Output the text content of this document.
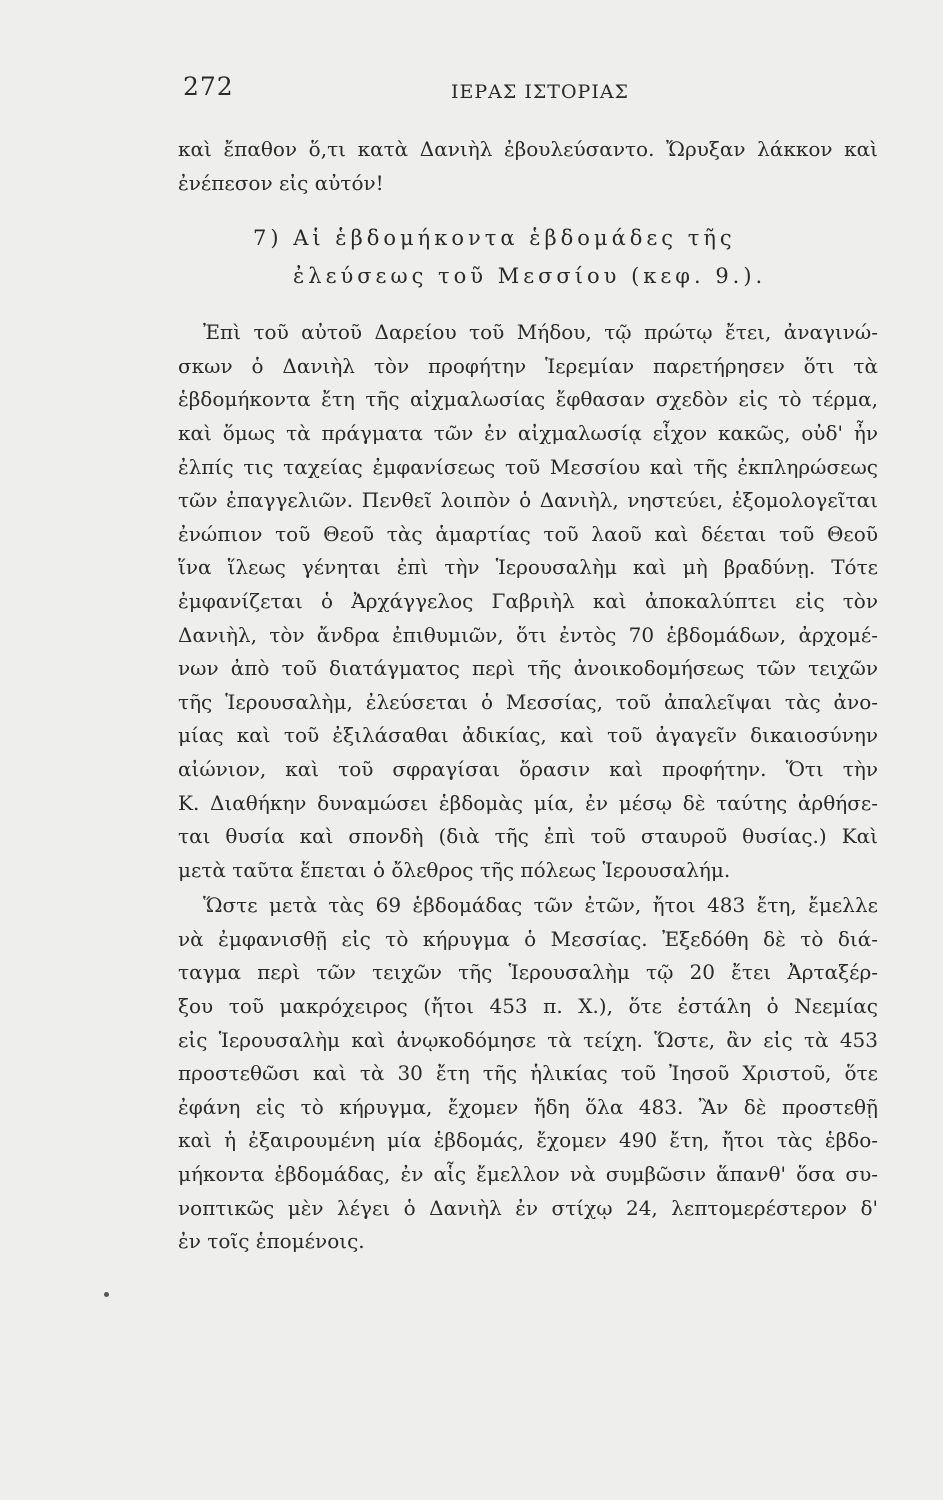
272	ΙΕΡΑΣ ΙΣΤΟΡΙΑΣ
καὶ ἔπαθον ὅ,τι κατὰ Δανιὴλ ἐβουλεύσαντο. Ὤρυξαν λάκκον καὶ
ἐνέπεσον εἰς αὐτόν!
7) Αἱ ἑβδομήκοντα ἑβδομάδες τῆς
ἐλεύσεως τοῦ Μεσσίου (κεφ. 9.).
Ἐπὶ τοῦ αὐτοῦ Δαρείου τοῦ Μήδου, τῷ πρώτῳ ἔτει, ἀναγινώ-
σκων ὁ Δανιὴλ τὸν προφήτην Ἱερεμίαν παρετήρησεν ὅτι τὰ
ἑβδομήκοντα ἔτη τῆς αἰχμαλωσίας ἔφθασαν σχεδὸν εἰς τὸ τέρμα,
καὶ ὅμως τὰ πράγματα τῶν ἐν αἰχμαλωσίᾳ εἶχον κακῶς, οὐδ' ἦν
ἐλπίς τις ταχείας ἐμφανίσεως τοῦ Μεσσίου καὶ τῆς ἐκπληρώσεως
τῶν ἐπαγγελιῶν. Πενθεῖ λοιπὸν ὁ Δανιὴλ, νηστεύει, ἐξομολογεῖται
ἐνώπιον τοῦ Θεοῦ τὰς ἁμαρτίας τοῦ λαοῦ καὶ δέεται τοῦ Θεοῦ
ἵνα ἵλεως γένηται ἐπὶ τὴν Ἱερουσαλὴμ καὶ μὴ βραδύνῃ. Τότε
ἐμφανίζεται ὁ Ἀρχάγγελος Γαβριὴλ καὶ ἀποκαλύπτει εἰς τὸν
Δανιὴλ, τὸν ἄνδρα ἐπιθυμιῶν, ὅτι ἐντὸς 70 ἑβδομάδων, ἀρχομέ-
νων ἀπὸ τοῦ διατάγματος περὶ τῆς ἀνοικοδομήσεως τῶν τειχῶν
τῆς Ἱερουσαλὴμ, ἐλεύσεται ὁ Μεσσίας, τοῦ ἀπαλεῖψαι τὰς ἀνο-
μίας καὶ τοῦ ἐξιλάσαθαι ἀδικίας, καὶ τοῦ ἀγαγεῖν δικαιοσύνην
αἰώνιον, καὶ τοῦ σφραγίσαι ὅρασιν καὶ προφήτην. Ὅτι τὴν
Κ. Διαθήκην δυναμώσει ἑβδομὰς μία, ἐν μέσῳ δὲ ταύτης ἀρθήσε-
ται θυσία καὶ σπονδὴ (διὰ τῆς ἐπὶ τοῦ σταυροῦ θυσίας.) Καὶ
μετὰ ταῦτα ἕπεται ὁ ὄλεθρος τῆς πόλεως Ἱερουσαλήμ.
Ὥστε μετὰ τὰς 69 ἑβδομάδας τῶν ἐτῶν, ἤτοι 483 ἔτη, ἔμελλε
νὰ ἐμφανισθῇ εἰς τὸ κήρυγμα ὁ Μεσσίας. Ἐξεδόθη δὲ τὸ διά-
ταγμα περὶ τῶν τειχῶν τῆς Ἱερουσαλὴμ τῷ 20 ἔτει Ἀρταξέρ-
ξου τοῦ μακρόχειρος (ἤτοι 453 π. Χ.), ὅτε ἐστάλη ὁ Νεεμίας
εἰς Ἱερουσαλὴμ καὶ ἀνῳκοδόμησε τὰ τείχη. Ὥστε, ἂν εἰς τὰ 453
προστεθῶσι καὶ τὰ 30 ἔτη τῆς ἡλικίας τοῦ Ἰησοῦ Χριστοῦ, ὅτε
ἐφάνη εἰς τὸ κήρυγμα, ἔχομεν ἤδη ὅλα 483. Ἂν δὲ προστεθῇ
καὶ ἡ ἐξαιρουμένη μία ἑβδομάς, ἔχομεν 490 ἔτη, ἤτοι τὰς ἑβδο-
μήκοντα ἑβδομάδας, ἐν αἷς ἔμελλον νὰ συμβῶσιν ἅπανθ' ὅσα συ-
νοπτικῶς μὲν λέγει ὁ Δανιὴλ ἐν στίχῳ 24, λεπτομερέστερον δ'
ἐν τοῖς ἑπομένοις.
